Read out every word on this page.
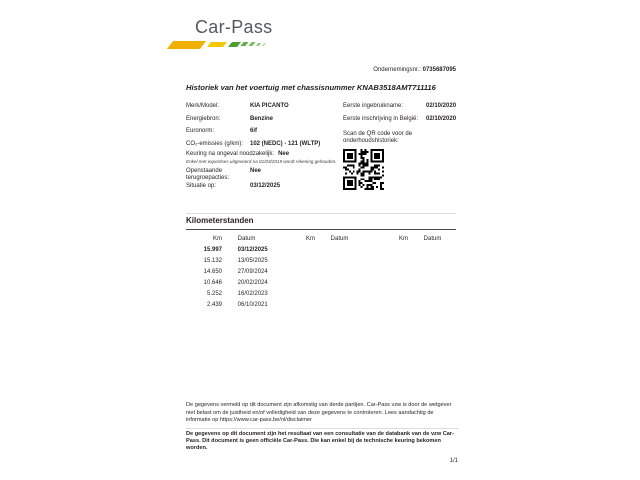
Car-Pass
Ondernemingsnr.: 0735687095
Historiek van het voertuig met chassisnummer KNAB3518AMT711116
Merk/Model:	KIA PICANTO
Energiebron:	Benzine
Euronorm:	6if
CO₂-emissies (g/km):	102 (NEDC) - 121 (WLTP)
Keuring na ongeval noodzakelijk: Nee
Enkel met expertises uitgevoerd na 01/03/2019 wordt rekening gehouden.
Openstaande terugroepacties:
Nee
Situatie op:	03/12/2025
Eerste ingebruikname:	02/10/2020
Eerste inschrijving in België:	02/10/2020
Scan de QR code voor de onderhoudshistoriek:
Kilometerstanden
Km	Datum
15.997	03/12/2025
15.132	13/05/2025
14.650	27/09/2024
10.646	20/02/2024
5.252	16/02/2023
2.439	06/10/2021
Km	Datum	Km	Datum
De gegevens vermeld op dit document zijn afkomstig van derde partijen. Car-Pass vzw is door de wetgever niet belast om de juistheid en/of volledigheid van deze gegevens te controleren. Lees aandachtig de informatie op https://www.car-pass.be/nl/disclaimer
De gegevens op dit document zijn het resultaat van een consultatie van de databank van de vzw Car-Pass. Dit document is geen officiële Car-Pass. Die kan enkel bij de technische keuring bekomen worden.
1/1
